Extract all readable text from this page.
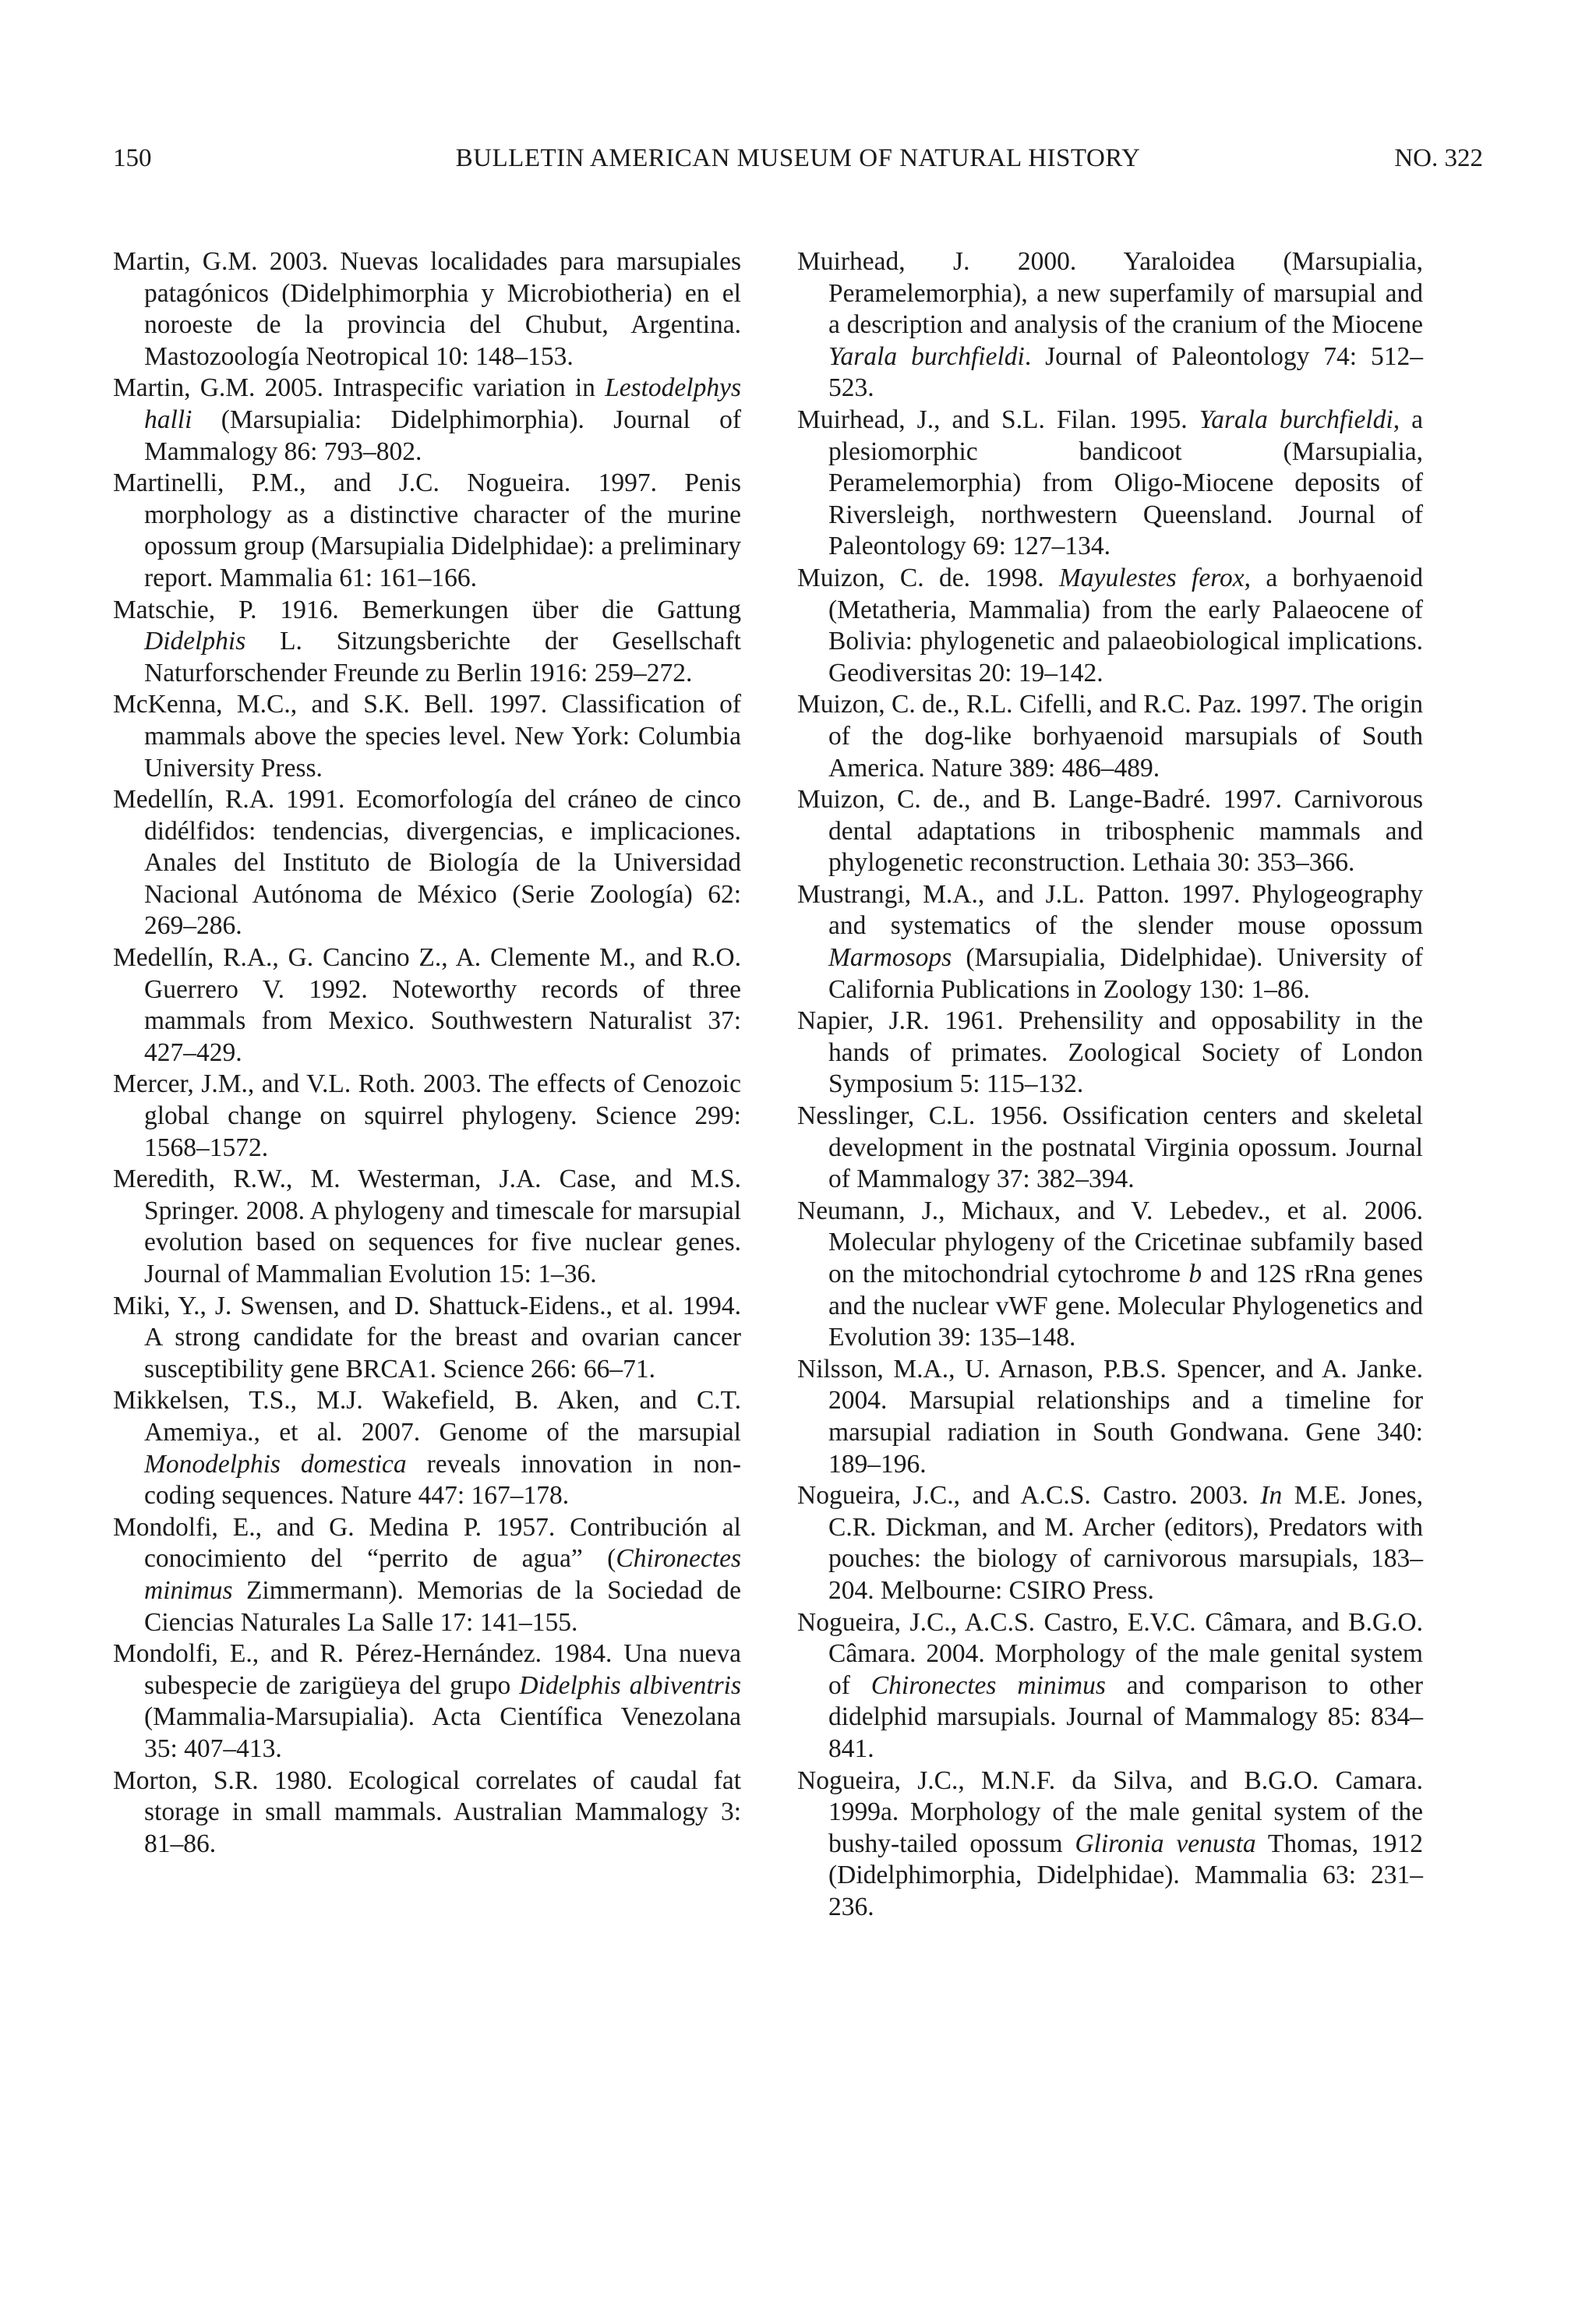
150	BULLETIN AMERICAN MUSEUM OF NATURAL HISTORY	NO. 322

Martin, G.M. 2003. Nuevas localidades para marsupiales patagónicos (Didelphimorphia y Microbiotheria) en el noroeste de la provincia del Chubut, Argentina. Mastozoología Neotropical 10: 148–153.

Martin, G.M. 2005. Intraspecific variation in Lestodelphys halli (Marsupialia: Didelphimorphia). Journal of Mammalogy 86: 793–802.

Martinelli, P.M., and J.C. Nogueira. 1997. Penis morphology as a distinctive character of the murine opossum group (Marsupialia Didelphidae): a preliminary report. Mammalia 61: 161–166.

Matschie, P. 1916. Bemerkungen über die Gattung Didelphis L. Sitzungsberichte der Gesellschaft Naturforschender Freunde zu Berlin 1916: 259–272.

McKenna, M.C., and S.K. Bell. 1997. Classification of mammals above the species level. New York: Columbia University Press.

Medellín, R.A. 1991. Ecomorfología del cráneo de cinco didélfidos: tendencias, divergencias, e implicaciones. Anales del Instituto de Biología de la Universidad Nacional Autónoma de México (Serie Zoología) 62: 269–286.

Medellín, R.A., G. Cancino Z., A. Clemente M., and R.O. Guerrero V. 1992. Noteworthy records of three mammals from Mexico. Southwestern Naturalist 37: 427–429.

Mercer, J.M., and V.L. Roth. 2003. The effects of Cenozoic global change on squirrel phylogeny. Science 299: 1568–1572.

Meredith, R.W., M. Westerman, J.A. Case, and M.S. Springer. 2008. A phylogeny and timescale for marsupial evolution based on sequences for five nuclear genes. Journal of Mammalian Evolution 15: 1–36.

Miki, Y., J. Swensen, and D. Shattuck-Eidens., et al. 1994. A strong candidate for the breast and ovarian cancer susceptibility gene BRCA1. Science 266: 66–71.

Mikkelsen, T.S., M.J. Wakefield, B. Aken, and C.T. Amemiya., et al. 2007. Genome of the marsupial Monodelphis domestica reveals innovation in non-coding sequences. Nature 447: 167–178.

Mondolfi, E., and G. Medina P. 1957. Contribución al conocimiento del “perrito de agua” (Chironectes minimus Zimmermann). Memorias de la Sociedad de Ciencias Naturales La Salle 17: 141–155.

Mondolfi, E., and R. Pérez-Hernández. 1984. Una nueva subespecie de zarigüeya del grupo Didelphis albiventris (Mammalia-Marsupialia). Acta Científica Venezolana 35: 407–413.

Morton, S.R. 1980. Ecological correlates of caudal fat storage in small mammals. Australian Mammalogy 3: 81–86.

Muirhead, J. 2000. Yaraloidea (Marsupialia, Peramelemorphia), a new superfamily of marsupial and a description and analysis of the cranium of the Miocene Yarala burchfieldi. Journal of Paleontology 74: 512–523.

Muirhead, J., and S.L. Filan. 1995. Yarala burchfieldi, a plesiomorphic bandicoot (Marsupialia, Peramelemorphia) from Oligo-Miocene deposits of Riversleigh, northwestern Queensland. Journal of Paleontology 69: 127–134.

Muizon, C. de. 1998. Mayulestes ferox, a borhyaenoid (Metatheria, Mammalia) from the early Palaeocene of Bolivia: phylogenetic and palaeobiological implications. Geodiversitas 20: 19–142.

Muizon, C. de., R.L. Cifelli, and R.C. Paz. 1997. The origin of the dog-like borhyaenoid marsupials of South America. Nature 389: 486–489.

Muizon, C. de., and B. Lange-Badré. 1997. Carnivorous dental adaptations in tribosphenic mammals and phylogenetic reconstruction. Lethaia 30: 353–366.

Mustrangi, M.A., and J.L. Patton. 1997. Phylogeography and systematics of the slender mouse opossum Marmosops (Marsupialia, Didelphidae). University of California Publications in Zoology 130: 1–86.

Napier, J.R. 1961. Prehensility and opposability in the hands of primates. Zoological Society of London Symposium 5: 115–132.

Nesslinger, C.L. 1956. Ossification centers and skeletal development in the postnatal Virginia opossum. Journal of Mammalogy 37: 382–394.

Neumann, J., Michaux, and V. Lebedev., et al. 2006. Molecular phylogeny of the Cricetinae subfamily based on the mitochondrial cytochrome b and 12S rRna genes and the nuclear vWF gene. Molecular Phylogenetics and Evolution 39: 135–148.

Nilsson, M.A., U. Arnason, P.B.S. Spencer, and A. Janke. 2004. Marsupial relationships and a timeline for marsupial radiation in South Gondwana. Gene 340: 189–196.

Nogueira, J.C., and A.C.S. Castro. 2003. In M.E. Jones, C.R. Dickman, and M. Archer (editors), Predators with pouches: the biology of carnivorous marsupials, 183–204. Melbourne: CSIRO Press.

Nogueira, J.C., A.C.S. Castro, E.V.C. Câmara, and B.G.O. Câmara. 2004. Morphology of the male genital system of Chironectes minimus and comparison to other didelphid marsupials. Journal of Mammalogy 85: 834–841.

Nogueira, J.C., M.N.F. da Silva, and B.G.O. Camara. 1999a. Morphology of the male genital system of the bushy-tailed opossum Glironia venusta Thomas, 1912 (Didelphimorphia, Didelphidae). Mammalia 63: 231–236.
